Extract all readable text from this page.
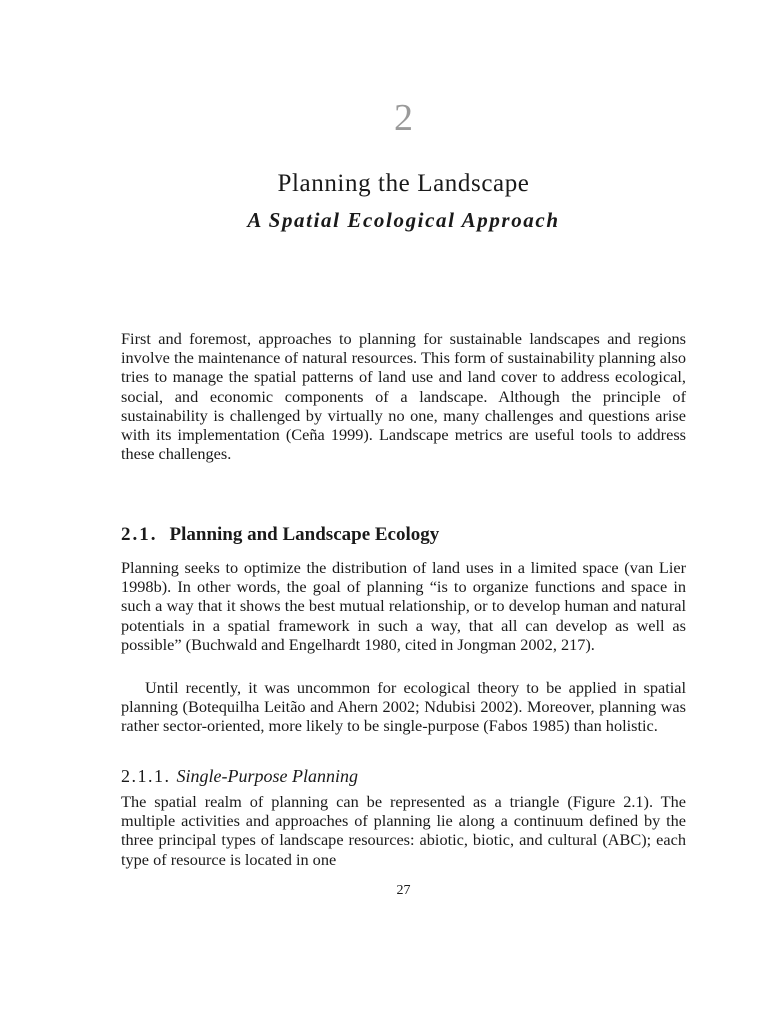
2
Planning the Landscape
A Spatial Ecological Approach

First and foremost, approaches to planning for sustainable landscapes and regions involve the maintenance of natural resources. This form of sustainability planning also tries to manage the spatial patterns of land use and land cover to address ecological, social, and economic components of a landscape. Although the principle of sustainability is challenged by virtually no one, many challenges and questions arise with its implementation (Ceña 1999). Landscape metrics are useful tools to address these challenges.

2.1. Planning and Landscape Ecology

Planning seeks to optimize the distribution of land uses in a limited space (van Lier 1998b). In other words, the goal of planning “is to organize functions and space in such a way that it shows the best mutual relationship, or to develop human and natural potentials in a spatial framework in such a way, that all can develop as well as possible” (Buchwald and Engelhardt 1980, cited in Jongman 2002, 217).

Until recently, it was uncommon for ecological theory to be applied in spatial planning (Botequilha Leitão and Ahern 2002; Ndubisi 2002). Moreover, planning was rather sector-oriented, more likely to be single-purpose (Fabos 1985) than holistic.

2.1.1. Single-Purpose Planning

The spatial realm of planning can be represented as a triangle (Figure 2.1). The multiple activities and approaches of planning lie along a continuum defined by the three principal types of landscape resources: abiotic, biotic, and cultural (ABC); each type of resource is located in one

27
